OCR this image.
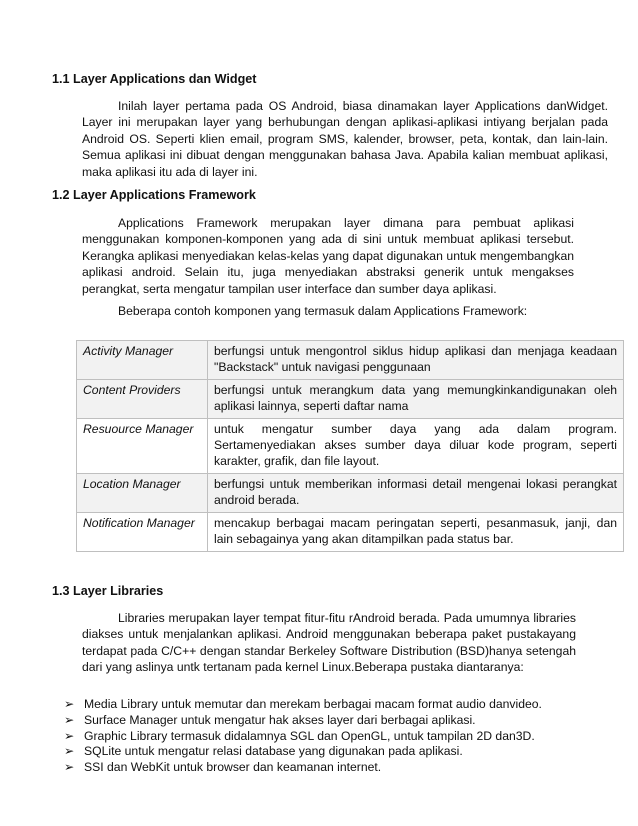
1.1 Layer Applications dan Widget

Inilah layer pertama pada OS Android, biasa dinamakan layer Applications danWidget. Layer ini merupakan layer yang berhubungan dengan aplikasi-aplikasi intiyang berjalan pada Android OS. Seperti klien email, program SMS, kalender, browser, peta, kontak, dan lain-lain. Semua aplikasi ini dibuat dengan menggunakan bahasa Java. Apabila kalian membuat aplikasi, maka aplikasi itu ada di layer ini.

1.2 Layer Applications Framework

Applications Framework merupakan layer dimana para pembuat aplikasi menggunakan komponen-komponen yang ada di sini untuk membuat aplikasi tersebut. Kerangka aplikasi menyediakan kelas-kelas yang dapat digunakan untuk mengembangkan aplikasi android. Selain itu, juga menyediakan abstraksi generik untuk mengakses perangkat, serta mengatur tampilan user interface dan sumber daya aplikasi.

Beberapa contoh komponen yang termasuk dalam Applications Framework:

Activity Manager	berfungsi untuk mengontrol siklus hidup aplikasi dan menjaga keadaan "Backstack" untuk navigasi penggunaan
Content Providers	berfungsi untuk merangkum data yang memungkinkandigunakan oleh aplikasi lainnya, seperti daftar nama
Resuource Manager	untuk mengatur sumber daya yang ada dalam program. Sertamenyediakan akses sumber daya diluar kode program, seperti karakter, grafik, dan file layout.
Location Manager	berfungsi untuk memberikan informasi detail mengenai lokasi perangkat android berada.
Notification Manager	mencakup berbagai macam peringatan seperti, pesanmasuk, janji, dan lain sebagainya yang akan ditampilkan pada status bar.
1.3 Layer Libraries

Libraries merupakan layer tempat fitur-fitu rAndroid berada. Pada umumnya libraries diakses untuk menjalankan aplikasi. Android menggunakan beberapa paket pustakayang terdapat pada C/C++ dengan standar Berkeley Software Distribution (BSD)hanya setengah dari yang aslinya untk tertanam pada kernel Linux.Beberapa pustaka diantaranya:

➢ Media Library untuk memutar dan merekam berbagai macam format audio danvideo.
➢ Surface Manager untuk mengatur hak akses layer dari berbagai aplikasi.
➢ Graphic Library termasuk didalamnya SGL dan OpenGL, untuk tampilan 2D dan3D.
➢ SQLite untuk mengatur relasi database yang digunakan pada aplikasi.
➢ SSI dan WebKit untuk browser dan keamanan internet.
